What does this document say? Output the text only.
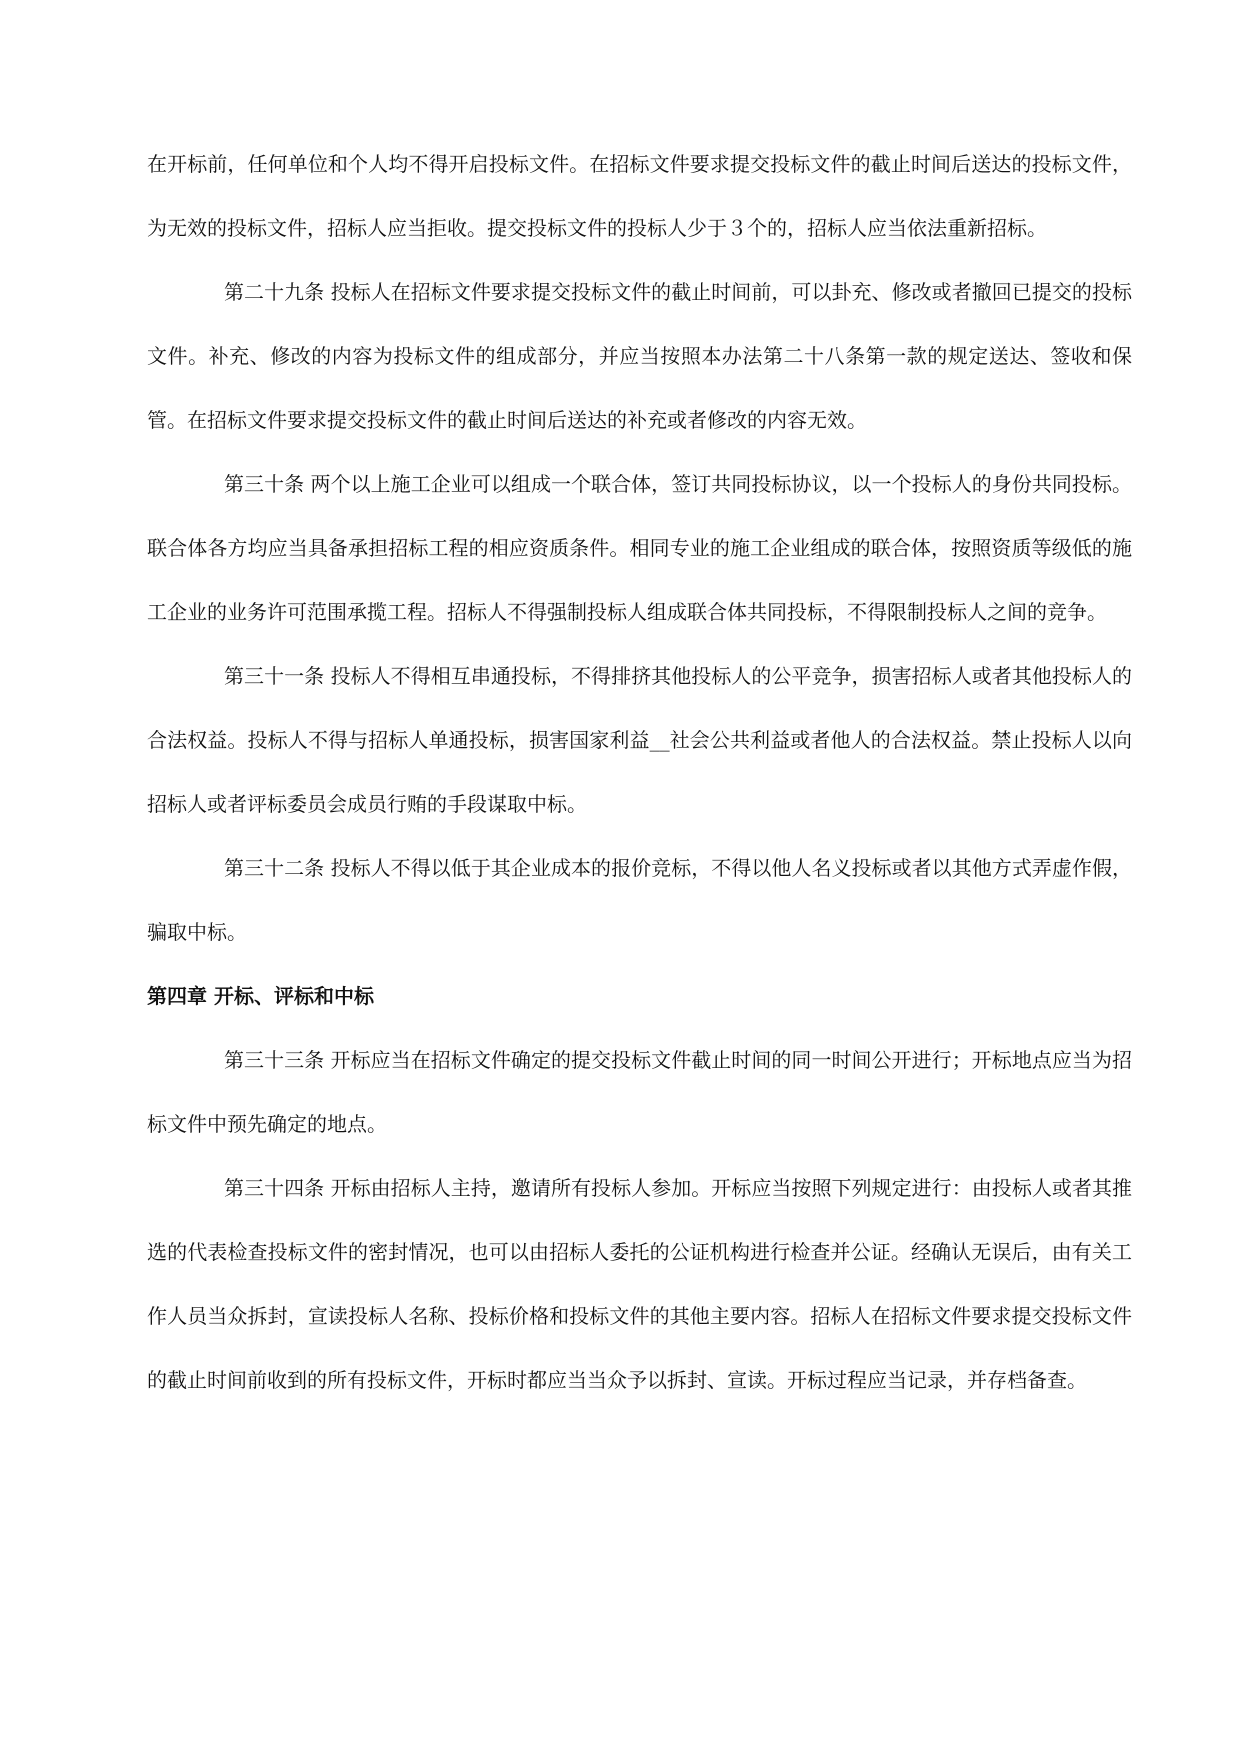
在开标前，任何单位和个人均不得开启投标文件。在招标文件要求提交投标文件的截止时间后送达的投标文件，为无效的投标文件，招标人应当拒收。提交投标文件的投标人少于３个的，招标人应当依法重新招标。

第二十九条 投标人在招标文件要求提交投标文件的截止时间前，可以卦充、修改或者撤回已提交的投标文件。补充、修改的内容为投标文件的组成部分，并应当按照本办法第二十八条第一款的规定送达、签收和保管。在招标文件要求提交投标文件的截止时间后送达的补充或者修改的内容无效。

第三十条 两个以上施工企业可以组成一个联合体，签订共同投标协议，以一个投标人的身份共同投标。联合体各方均应当具备承担招标工程的相应资质条件。相同专业的施工企业组成的联合体，按照资质等级低的施工企业的业务许可范围承揽工程。招标人不得强制投标人组成联合体共同投标，不得限制投标人之间的竞争。

第三十一条 投标人不得相互串通投标，不得排挤其他投标人的公平竞争，损害招标人或者其他投标人的合法权益。投标人不得与招标人单通投标，损害国家利益__社会公共利益或者他人的合法权益。禁止投标人以向招标人或者评标委员会成员行贿的手段谋取中标。

第三十二条 投标人不得以低于其企业成本的报价竞标，不得以他人名义投标或者以其他方式弄虚作假，骗取中标。

第四章 开标、评标和中标

第三十三条 开标应当在招标文件确定的提交投标文件截止时间的同一时间公开进行；开标地点应当为招标文件中预先确定的地点。

第三十四条 开标由招标人主持，邀请所有投标人参加。开标应当按照下列规定进行：由投标人或者其推选的代表检查投标文件的密封情况，也可以由招标人委托的公证机构进行检查并公证。经确认无误后，由有关工作人员当众拆封，宣读投标人名称、投标价格和投标文件的其他主要内容。招标人在招标文件要求提交投标文件的截止时间前收到的所有投标文件，开标时都应当当众予以拆封、宣读。开标过程应当记录，并存档备查。
